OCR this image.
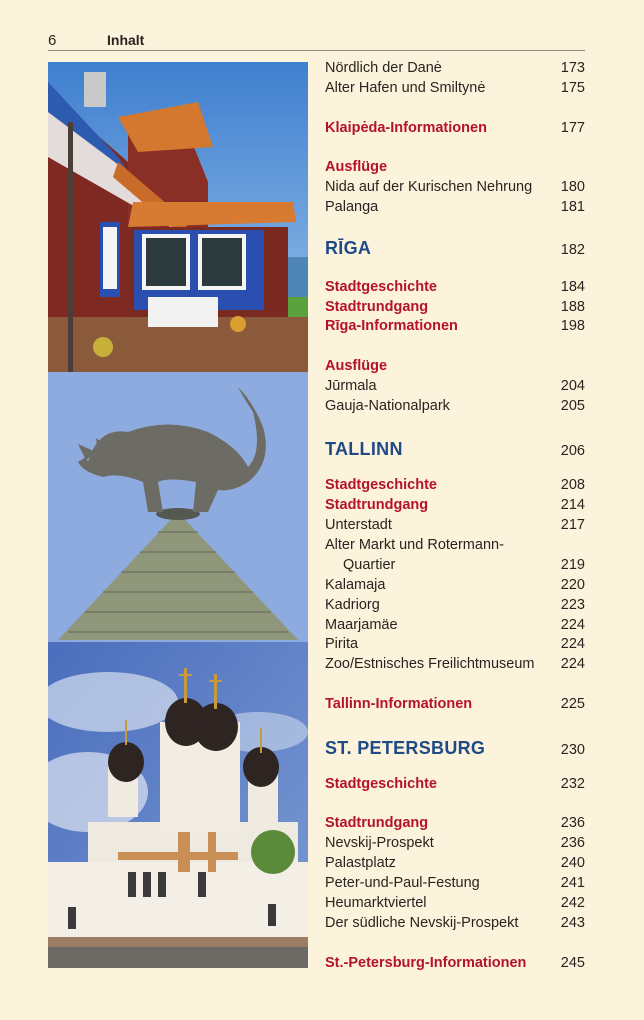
6	Inhalt
Nördlich der Danė	173
Alter Hafen und Smiltynė	175
Klaipėda-Informationen	177
Ausflüge
Nida auf der Kurischen Nehrung 180
Palanga	181
RĪGA	182
Stadtgeschichte	184
Stadtrundgang	188
Rīga-Informationen	198
Ausflüge
Jūrmala	204
Gauja-Nationalpark	205
TALLINN	206
Stadtgeschichte	208
Stadtrundgang	214
Unterstadt	217
Alter Markt und Rotermann-
Quartier	219
Kalamaja	220
Kadriorg	223
Maarjamäe	224
Pirita	224
Zoo/Estnisches Freilichtmuseum 224
Tallinn-Informationen	225
ST. PETERSBURG	230
Stadtgeschichte	232
Stadtrundgang	236
Nevskij-Prospekt	236
Palastplatz	240
Peter-und-Paul-Festung	241
Heumarktviertel	242
Der südliche Nevskij-Prospekt	243
St.-Petersburg-Informationen 245
